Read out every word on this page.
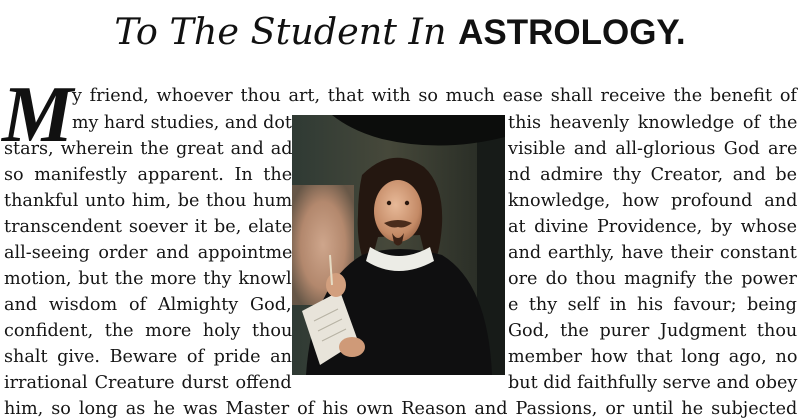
To The Student In ASTROLOGY.
M
y friend, whoever thou art, that with so much ease shall receive the benefit of
my hard studies, and dot	this heavenly knowledge of the
stars, wherein the great and ad	visible and all-glorious God are
so manifestly apparent. In the	nd admire thy Creator, and be
thankful unto him, be thou hum	knowledge, how profound and
transcendent soever it be, elate	at divine Providence, by whose
all-seeing order and appointme	and earthly, have their constant
motion, but the more thy knowl	ore do thou magnify the power
and wisdom of Almighty God,	e thy self in his favour; being
confident, the more holy thou	God, the purer Judgment thou
shalt give. Beware of pride an	member how that long ago, no
irrational Creature durst offend	but did faithfully serve and obey
him, so long as he was Master of his own Reason and Passions, or until he subjected
